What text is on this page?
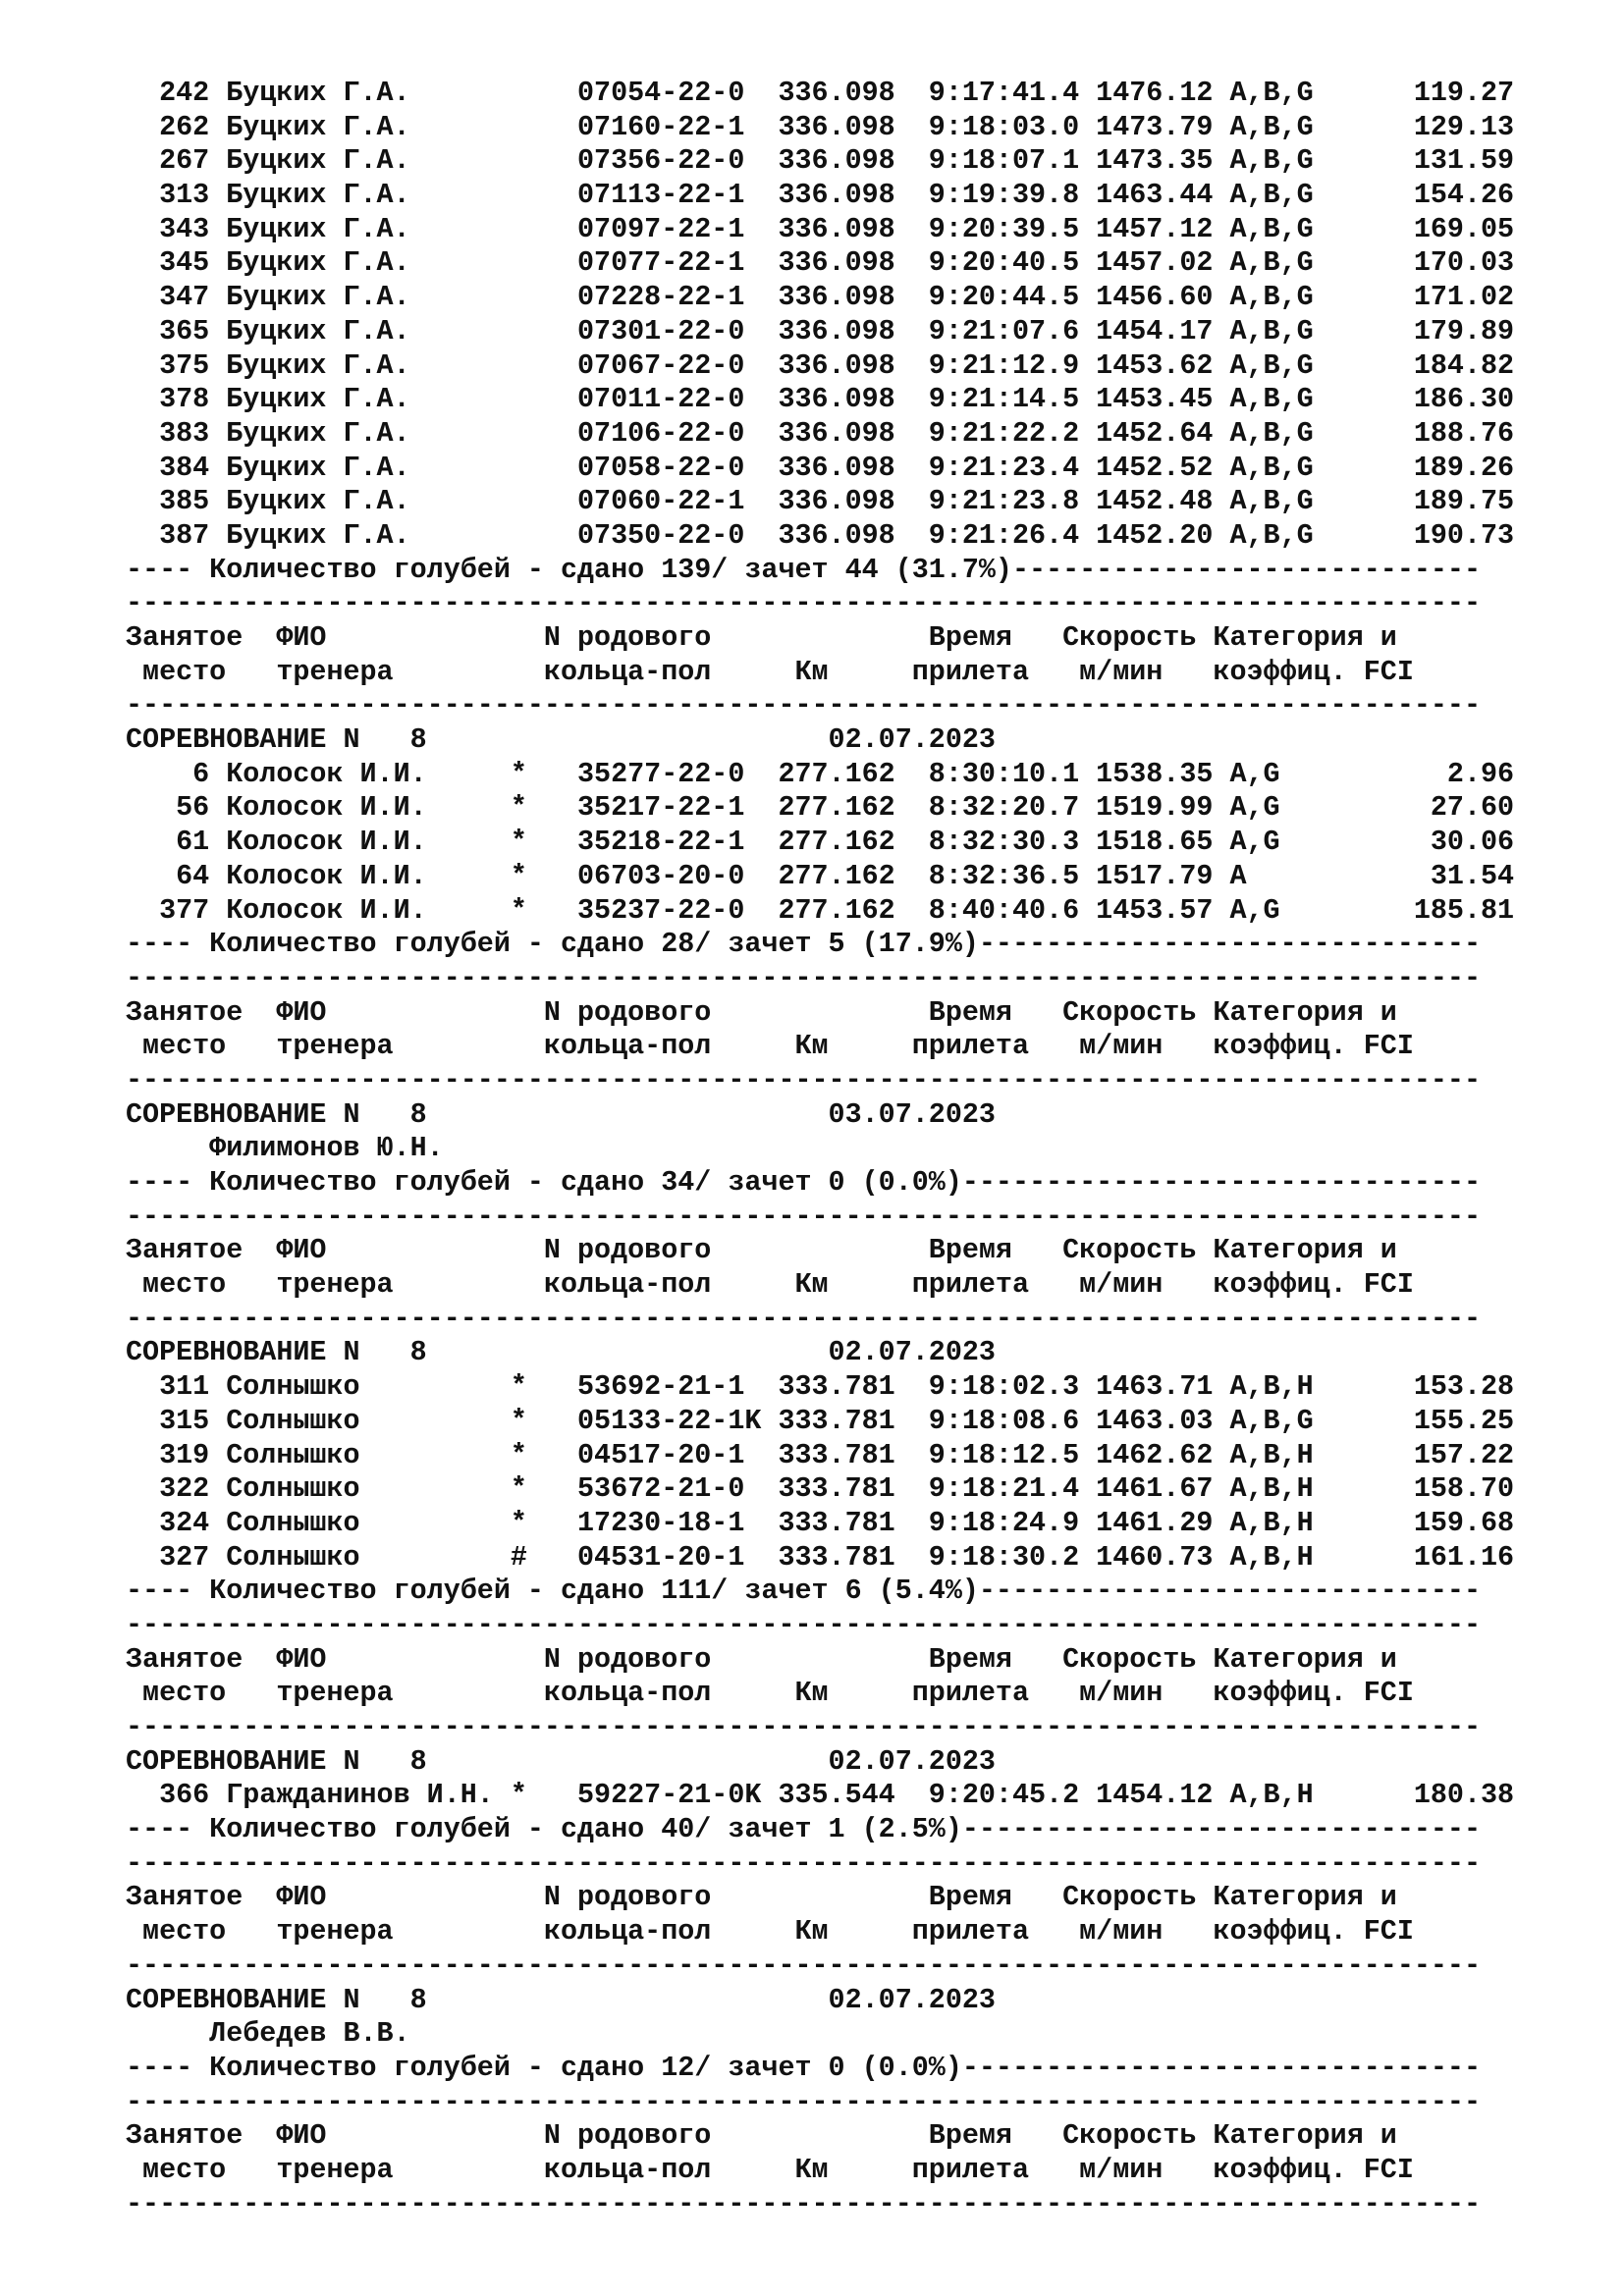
242 Буцких Г.А.          07054-22-0  336.098  9:17:41.4 1476.12 A,B,G      119.27
262 Буцких Г.А.          07160-22-1  336.098  9:18:03.0 1473.79 A,B,G      129.13
267 Буцких Г.А.          07356-22-0  336.098  9:18:07.1 1473.35 A,B,G      131.59
313 Буцких Г.А.          07113-22-1  336.098  9:19:39.8 1463.44 A,B,G      154.26
343 Буцких Г.А.          07097-22-1  336.098  9:20:39.5 1457.12 A,B,G      169.05
345 Буцких Г.А.          07077-22-1  336.098  9:20:40.5 1457.02 A,B,G      170.03
347 Буцких Г.А.          07228-22-1  336.098  9:20:44.5 1456.60 A,B,G      171.02
365 Буцких Г.А.          07301-22-0  336.098  9:21:07.6 1454.17 A,B,G      179.89
375 Буцких Г.А.          07067-22-0  336.098  9:21:12.9 1453.62 A,B,G      184.82
378 Буцких Г.А.          07011-22-0  336.098  9:21:14.5 1453.45 A,B,G      186.30
383 Буцких Г.А.          07106-22-0  336.098  9:21:22.2 1452.64 A,B,G      188.76
384 Буцких Г.А.          07058-22-0  336.098  9:21:23.4 1452.52 A,B,G      189.26
385 Буцких Г.А.          07060-22-1  336.098  9:21:23.8 1452.48 A,B,G      189.75
387 Буцких Г.А.          07350-22-0  336.098  9:21:26.4 1452.20 A,B,G      190.73
---- Количество голубей - сдано 139/ зачет 44 (31.7%)----------------------------
---------------------------------------------------------------------------------
Занятое  ФИО             N родового             Время   Скорость Категория и
место   тренера         кольца-пол     Км     прилета   м/мин   коэффиц. FCI
---------------------------------------------------------------------------------
СОРЕВНОВАНИЕ N   8                        02.07.2023
6 Колосок И.И.     *   35277-22-0  277.162  8:30:10.1 1538.35 A,G          2.96
56 Колосок И.И.     *   35217-22-1  277.162  8:32:20.7 1519.99 A,G         27.60
61 Колосок И.И.     *   35218-22-1  277.162  8:32:30.3 1518.65 A,G         30.06
64 Колосок И.И.     *   06703-20-0  277.162  8:32:36.5 1517.79 A           31.54
377 Колосок И.И.     *   35237-22-0  277.162  8:40:40.6 1453.57 A,G        185.81
---- Количество голубей - сдано 28/ зачет 5 (17.9%)------------------------------
---------------------------------------------------------------------------------
Занятое  ФИО             N родового             Время   Скорость Категория и
место   тренера         кольца-пол     Км     прилета   м/мин   коэффиц. FCI
---------------------------------------------------------------------------------
СОРЕВНОВАНИЕ N   8                        03.07.2023
Филимонов Ю.Н.
---- Количество голубей - сдано 34/ зачет 0 (0.0%)-------------------------------
---------------------------------------------------------------------------------
Занятое  ФИО             N родового             Время   Скорость Категория и
место   тренера         кольца-пол     Км     прилета   м/мин   коэффиц. FCI
---------------------------------------------------------------------------------
СОРЕВНОВАНИЕ N   8                        02.07.2023
311 Солнышко         *   53692-21-1  333.781  9:18:02.3 1463.71 A,B,H      153.28
315 Солнышко         *   05133-22-1K 333.781  9:18:08.6 1463.03 A,B,G      155.25
319 Солнышко         *   04517-20-1  333.781  9:18:12.5 1462.62 A,B,H      157.22
322 Солнышко         *   53672-21-0  333.781  9:18:21.4 1461.67 A,B,H      158.70
324 Солнышко         *   17230-18-1  333.781  9:18:24.9 1461.29 A,B,H      159.68
327 Солнышко         #   04531-20-1  333.781  9:18:30.2 1460.73 A,B,H      161.16
---- Количество голубей - сдано 111/ зачет 6 (5.4%)------------------------------
---------------------------------------------------------------------------------
Занятое  ФИО             N родового             Время   Скорость Категория и
место   тренера         кольца-пол     Км     прилета   м/мин   коэффиц. FCI
---------------------------------------------------------------------------------
СОРЕВНОВАНИЕ N   8                        02.07.2023
366 Гражданинов И.Н. *   59227-21-0K 335.544  9:20:45.2 1454.12 A,B,H      180.38
---- Количество голубей - сдано 40/ зачет 1 (2.5%)-------------------------------
---------------------------------------------------------------------------------
Занятое  ФИО             N родового             Время   Скорость Категория и
место   тренера         кольца-пол     Км     прилета   м/мин   коэффиц. FCI
---------------------------------------------------------------------------------
СОРЕВНОВАНИЕ N   8                        02.07.2023
Лебедев В.В.
---- Количество голубей - сдано 12/ зачет 0 (0.0%)-------------------------------
---------------------------------------------------------------------------------
Занятое  ФИО             N родового             Время   Скорость Категория и
место   тренера         кольца-пол     Км     прилета   м/мин   коэффиц. FCI
---------------------------------------------------------------------------------
